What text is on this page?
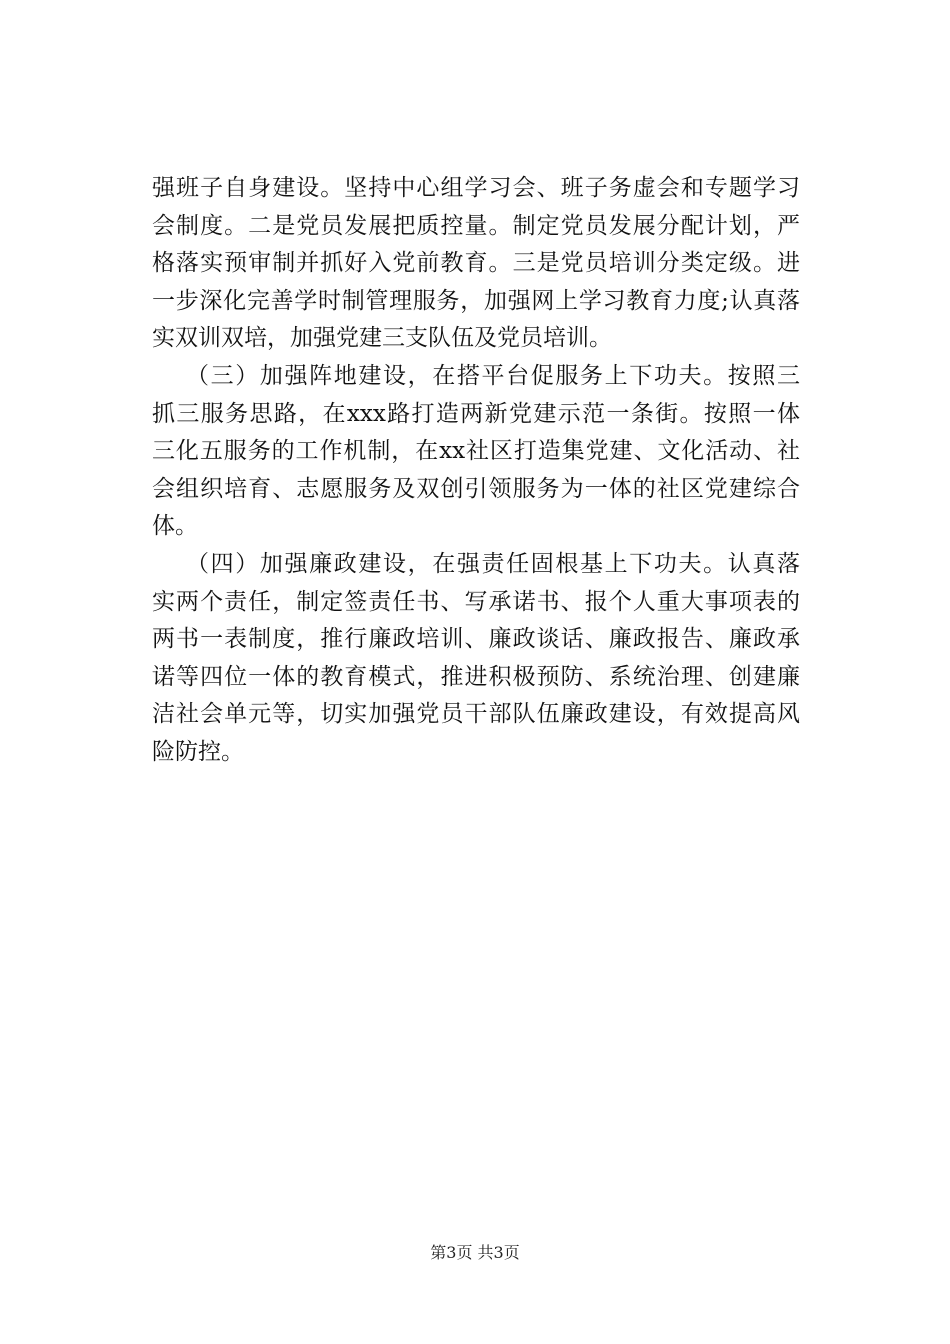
强班子自身建设。坚持中心组学习会、班子务虚会和专题学习
会制度。二是党员发展把质控量。制定党员发展分配计划，严
格落实预审制并抓好入党前教育。三是党员培训分类定级。进
一步深化完善学时制管理服务，加强网上学习教育力度;认真落
实双训双培，加强党建三支队伍及党员培训。
（三）加强阵地建设，在搭平台促服务上下功夫。按照三
抓三服务思路，在xxx路打造两新党建示范一条街。按照一体
三化五服务的工作机制，在xx社区打造集党建、文化活动、社
会组织培育、志愿服务及双创引领服务为一体的社区党建综合
体。
（四）加强廉政建设，在强责任固根基上下功夫。认真落
实两个责任，制定签责任书、写承诺书、报个人重大事项表的
两书一表制度，推行廉政培训、廉政谈话、廉政报告、廉政承
诺等四位一体的教育模式，推进积极预防、系统治理、创建廉
洁社会单元等，切实加强党员干部队伍廉政建设，有效提高风
险防控。
第3页 共3页
